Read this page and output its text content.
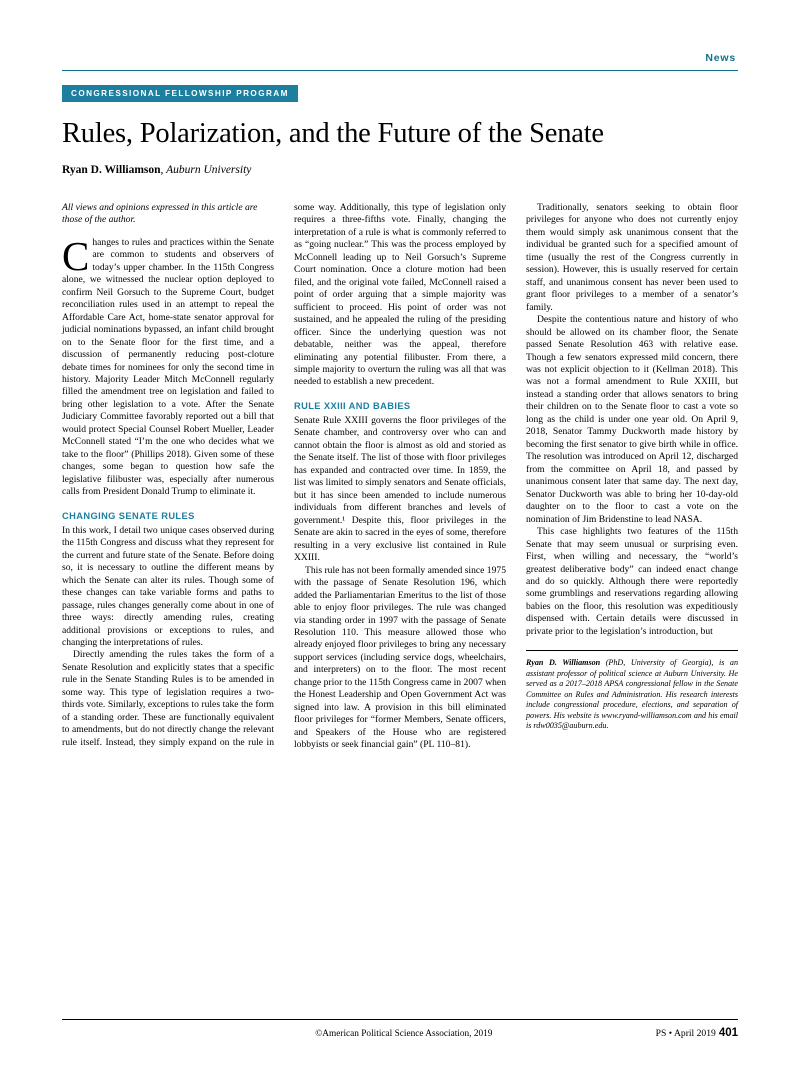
News
CONGRESSIONAL FELLOWSHIP PROGRAM
Rules, Polarization, and the Future of the Senate
Ryan D. Williamson, Auburn University

All views and opinions expressed in this article are those of the author.

Changes to rules and practices within the Senate are common to students and observers of today’s upper chamber. In the 115th Congress alone, we witnessed the nuclear option deployed to confirm Neil Gorsuch to the Supreme Court, budget reconciliation rules used in an attempt to repeal the Affordable Care Act, home-state senator approval for judicial nominations bypassed, an infant child brought on to the Senate floor for the first time, and a discussion of permanently reducing post-cloture debate times for nominees for only the second time in history. Majority Leader Mitch McConnell regularly filled the amendment tree on legislation and failed to bring other legislation to a vote. After the Senate Judiciary Committee favorably reported out a bill that would protect Special Counsel Robert Mueller, Leader McConnell stated “I’m the one who decides what we take to the floor” (Phillips 2018). Given some of these changes, some began to question how safe the legislative filibuster was, especially after numerous calls from President Donald Trump to eliminate it.

CHANGING SENATE RULES

In this work, I detail two unique cases observed during the 115th Congress and discuss what they represent for the current and future state of the Senate. Before doing so, it is necessary to outline the different means by which the Senate can alter its rules. Though some of these changes can take variable forms and paths to passage, rules changes generally come about in one of three ways: directly amending rules, creating additional provisions or exceptions to rules, and changing the interpretations of rules.

Directly amending the rules takes the form of a Senate Resolution and explicitly states that a specific rule in the Senate Standing Rules is to be amended in some way. This type of legislation requires a two-thirds vote. Similarly, exceptions to rules take the form of a standing order. These are functionally equivalent to amendments, but do not directly change the relevant rule itself. Instead, they simply expand on the rule in some way. Additionally, this type of legislation only requires a three-fifths vote. Finally, changing the interpretation of a rule is what is commonly referred to as “going nuclear.” This was the process employed by McConnell leading up to Neil Gorsuch’s Supreme Court nomination. Once a cloture motion had been filed, and the original vote failed, McConnell raised a point of order arguing that a simple majority was sufficient to proceed. His point of order was not sustained, and he appealed the ruling of the presiding officer. Since the underlying question was not debatable, neither was the appeal, therefore eliminating any potential filibuster. From there, a simple majority to overturn the ruling was all that was needed to establish a new precedent.

RULE XXIII AND BABIES

Senate Rule XXIII governs the floor privileges of the Senate chamber, and controversy over who can and cannot obtain the floor is almost as old and storied as the Senate itself. The list of those with floor privileges has expanded and contracted over time. In 1859, the list was limited to simply senators and Senate officials, but it has since been amended to include numerous individuals from different branches and levels of government.¹ Despite this, floor privileges in the Senate are akin to sacred in the eyes of some, therefore resulting in a very exclusive list contained in Rule XXIII.

This rule has not been formally amended since 1975 with the passage of Senate Resolution 196, which added the Parliamentarian Emeritus to the list of those able to enjoy floor privileges. The rule was changed via standing order in 1997 with the passage of Senate Resolution 110. This measure allowed those who already enjoyed floor privileges to bring any necessary support services (including service dogs, wheelchairs, and interpreters) on to the floor. The most recent change prior to the 115th Congress came in 2007 when the Honest Leadership and Open Government Act was signed into law. A provision in this bill eliminated floor privileges for “former Members, Senate officers, and Speakers of the House who are registered lobbyists or seek financial gain” (PL 110–81).

Traditionally, senators seeking to obtain floor privileges for anyone who does not currently enjoy them would simply ask unanimous consent that the individual be granted such for a specified amount of time (usually the rest of the Congress currently in session). However, this is usually reserved for certain staff, and unanimous consent has never been used to grant floor privileges to a member of a senator’s family.

Despite the contentious nature and history of who should be allowed on its chamber floor, the Senate passed Senate Resolution 463 with relative ease. Though a few senators expressed mild concern, there was not explicit objection to it (Kellman 2018). This was not a formal amendment to Rule XXIII, but instead a standing order that allows senators to bring their children on to the Senate floor to cast a vote so long as the child is under one year old. On April 9, 2018, Senator Tammy Duckworth made history by becoming the first senator to give birth while in office. The resolution was introduced on April 12, discharged from the committee on April 18, and passed by unanimous consent later that same day. The next day, Senator Duckworth was able to bring her 10-day-old daughter on to the floor to cast a vote on the nomination of Jim Bridenstine to lead NASA.

This case highlights two features of the 115th Senate that may seem unusual or surprising even. First, when willing and necessary, the “world’s greatest deliberative body” can indeed enact change and do so quickly. Although there were reportedly some grumblings and reservations regarding allowing babies on the floor, this resolution was expeditiously dispensed with. Certain details were discussed in private prior to the legislation’s introduction, but

Ryan D. Williamson (PhD, University of Georgia), is an assistant professor of political science at Auburn University. He served as a 2017–2018 APSA congressional fellow in the Senate Committee on Rules and Administration. His research interests include congressional procedure, elections, and separation of powers. His website is www.ryand-williamson.com and his email is rdw0035@auburn.edu.
©American Political Science Association, 2019	PS • April 2019 401
